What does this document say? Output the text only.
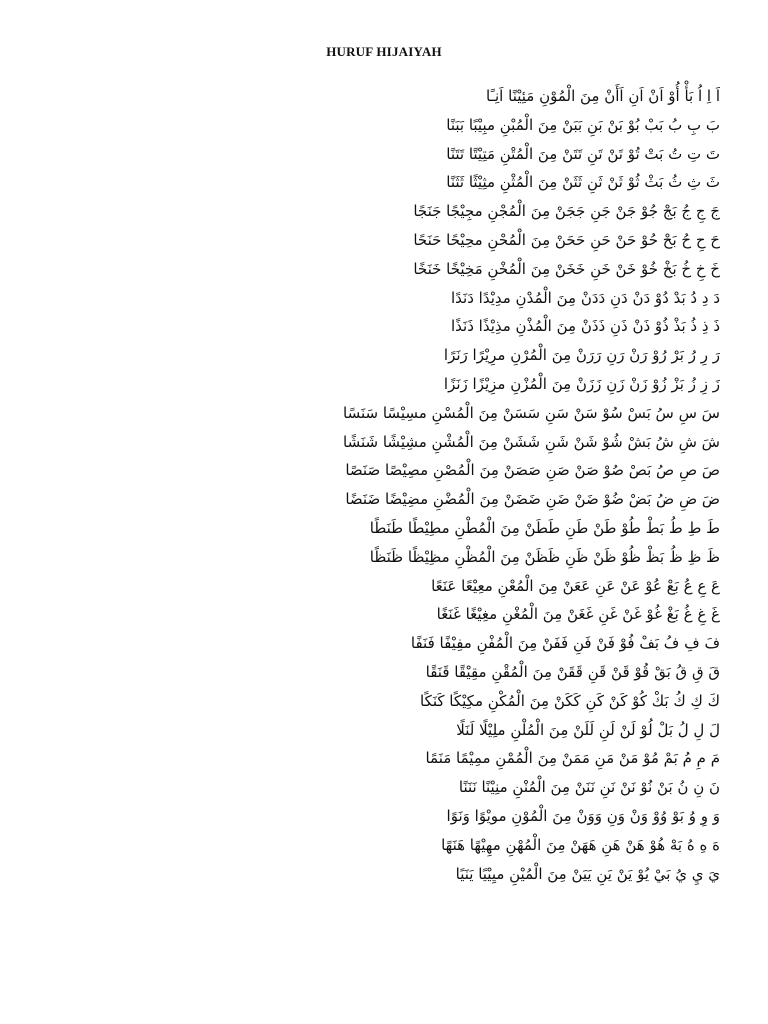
HURUF HIJAIYAH
اَ اِ اُ بَأْ أُوْ اَنْ اَنِ اَأَنْ مِنَ الْمُوْنِ مَئِيْنًا اَنِـًا
بَ بِ بُ بَبْ بُوْ بَنْ بَنِ بَبَنْ مِنَ الْمُبْنِ مبِيْبًا بَبَنًا
تَ تِ تُ بَتْ تُوْ تَنْ تَنِ تَتَنْ مِنَ الْمُتْنِ مَتِيْتًا تَتَنًا
ثَ ثِ ثُ بَثْ ثُوْ ثَنْ ثَنِ ثَثَنْ مِنَ الْمُثْنِ مثِيْثًا ثَثَنًا
جَ جِ جُ بَجْ جُوْ جَنْ جَنِ جَجَنْ مِنَ الْمُجْنِ مجِيْجًا جَنَجًا
حَ حِ حُ بَحْ حُوْ حَنْ حَنِ حَحَنْ مِنَ الْمُحْنِ محِيْحًا حَنَحًا
خَ خِ خُ بَخْ خُوْ خَنْ خَنِ خَخَنْ مِنَ الْمُخْنِ مَخِيْخًا خَنَخًا
دَ دِ دُ بَدْ دُوْ دَنْ دَنِ دَدَنْ مِنَ الْمُدْنِ مدِيْدًا دَنَدًا
ذَ ذِ ذُ بَذْ ذُوْ ذَنْ ذَنِ ذَذَنْ مِنَ الْمُذْنِ مذِيْذًا ذَنَذًا
رَ رِ رُ بَرْ رُوْ رَنْ رَنِ رَرَنْ مِنَ الْمُرْنِ مرِيْرًا رَنَرًا
زَ زِ زُ بَزْ زُوْ زَنْ زَنِ زَزَنْ مِنَ الْمُزْنِ مزِيْزًا زَنَزًا
سَ سِ سُ بَسْ سُوْ سَنْ سَنِ سَسَنْ مِنَ الْمُسْنِ مسِيْسًا سَنَسًا
شَ شِ شُ بَشْ شُوْ شَنْ شَنِ شَشَنْ مِنَ الْمُشْنِ مشِيْشًا شَنَشًا
صَ صِ صُ بَصْ صُوْ صَنْ صَنِ صَصَنْ مِنَ الْمُصْنِ مصِيْصًا صَنَصًا
ضَ ضِ ضُ بَضْ ضُوْ ضَنْ ضَنِ ضَضَنْ مِنَ الْمُضْنِ مضِيْضًا ضَنَضًا
طَ طِ طُ بَطْ طُوْ طَنْ طَنِ طَطَنْ مِنَ الْمُطْنِ مطِيْطًا طَنَطًا
ظَ ظِ ظُ بَظْ ظُوْ ظَنْ ظَنِ ظَظَنْ مِنَ الْمُظْنِ مظِيْظًا ظَنَظًا
عَ عِ عُ بَعْ عُوْ عَنْ عَنِ عَعَنْ مِنَ الْمُعْنِ معِيْعًا عَنَعًا
غَ غِ غُ بَغْ غُوْ غَنْ غَنِ غَغَنْ مِنَ الْمُغْنِ مغِيْغًا غَنَغًا
فَ فِ فُ بَفْ فُوْ فَنْ فَنِ فَفَنْ مِنَ الْمُفْنِ مفِيْفًا فَنَفًا
قَ قِ قُ بَقْ قُوْ قَنْ قَنِ قَقَنْ مِنَ الْمُقْنِ مقِيْقًا قَنَقًا
كَ كِ كُ بَكْ كُوْ كَنْ كَنِ كَكَنْ مِنَ الْمُكْنِ مكِيْكًا كَنَكًا
لَ لِ لُ بَلْ لُوْ لَنْ لَنِ لَلَنْ مِنَ الْمُلْنِ ملِيْلًا لَنَلًا
مَ مِ مُ بَمْ مُوْ مَنْ مَنِ مَمَنْ مِنَ الْمُمْنِ ممِيْمًا مَنَمًا
نَ نِ نُ بَنْ نُوْ نَنْ نَنِ نَنَنْ مِنَ الْمُنْنِ منِيْنًا نَنَنًا
وَ وِ وُ بَوْ وُوْ وَنْ وَنِ وَوَنْ مِنَ الْمُوْنِ مويْوًا وَنَوًا
هَ هِ هُ بَهْ هُوْ هَنْ هَنِ هَهَنْ مِنَ الْمُهْنِ مهِيْهًا هَنَهًا
يَ يِ يُ بَيْ يُوْ يَنْ يَنِ يَيَنْ مِنَ الْمُيْنِ ميِيْيًا يَنَيًا
